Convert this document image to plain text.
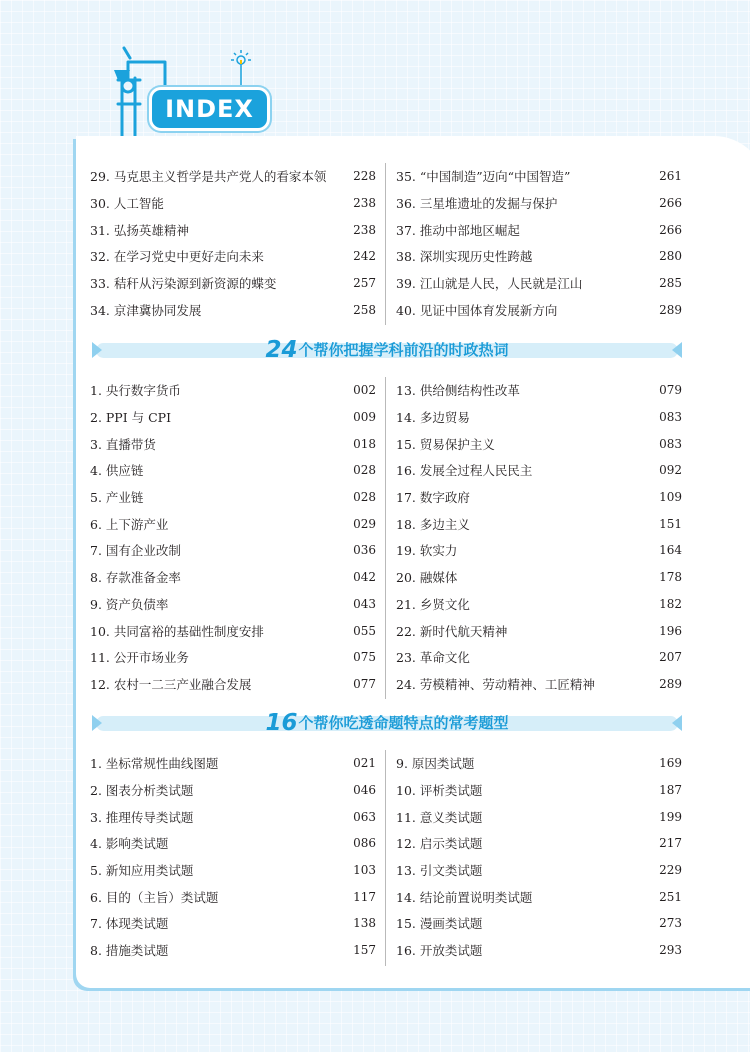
INDEX
29. 马克思主义哲学是共产党人的看家本领	228
30. 人工智能	238
31. 弘扬英雄精神	238
32. 在学习党史中更好走向未来	242
33. 秸秆从污染源到新资源的蝶变	257
34. 京津冀协同发展	258
35. “中国制造”迈向“中国智造”	261
36. 三星堆遗址的发掘与保护	266
37. 推动中部地区崛起	266
38. 深圳实现历史性跨越	280
39. 江山就是人民，人民就是江山	285
40. 见证中国体育发展新方向	289
24个帮你把握学科前沿的时政热词
1. 央行数字货币	002
2. PPI 与 CPI	009
3. 直播带货	018
4. 供应链	028
5. 产业链	028
6. 上下游产业	029
7. 国有企业改制	036
8. 存款准备金率	042
9. 资产负债率	043
10. 共同富裕的基础性制度安排	055
11. 公开市场业务	075
12. 农村一二三产业融合发展	077
13. 供给侧结构性改革	079
14. 多边贸易	083
15. 贸易保护主义	083
16. 发展全过程人民民主	092
17. 数字政府	109
18. 多边主义	151
19. 软实力	164
20. 融媒体	178
21. 乡贤文化	182
22. 新时代航天精神	196
23. 革命文化	207
24. 劳模精神、劳动精神、工匠精神	289
16个帮你吃透命题特点的常考题型
1. 坐标常规性曲线图题	021
2. 图表分析类试题	046
3. 推理传导类试题	063
4. 影响类试题	086
5. 新知应用类试题	103
6. 目的（主旨）类试题	117
7. 体现类试题	138
8. 措施类试题	157
9. 原因类试题	169
10. 评析类试题	187
11. 意义类试题	199
12. 启示类试题	217
13. 引文类试题	229
14. 结论前置说明类试题	251
15. 漫画类试题	273
16. 开放类试题	293
